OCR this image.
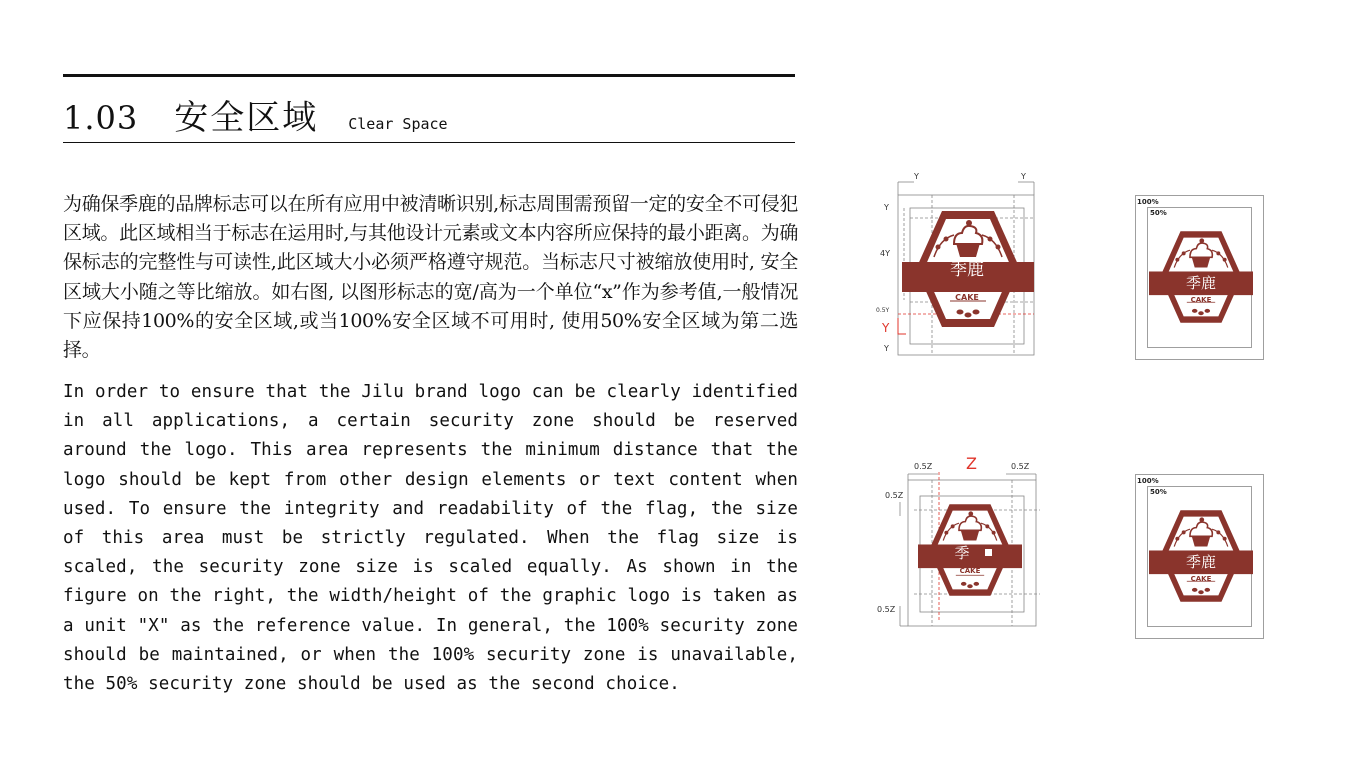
1.03 安全区域 Clear Space

为确保季鹿的品牌标志可以在所有应用中被清晰识别,标志周围需预留一定的安全不可侵犯区域。此区域相当于标志在运用时,与其他设计元素或文本内容所应保持的最小距离。为确保标志的完整性与可读性,此区域大小必须严格遵守规范。当标志尺寸被缩放使用时, 安全区域大小随之等比缩放。如右图, 以图形标志的宽/高为一个单位“x”作为参考值,一般情况下应保持100%的安全区域,或当100%安全区域不可用时, 使用50%安全区域为第二选择。

In order to ensure that the Jilu brand logo can be clearly identified in all applications, a certain security zone should be reserved around the logo. This area represents the minimum distance that the logo should be kept from other design elements or text content when used. To ensure the integrity and readability of the flag, the size of this area must be strictly regulated. When the flag size is scaled, the security zone size is scaled equally. As shown in the figure on the right, the width/height of the graphic logo is taken as a unit "X" as the reference value. In general, the 100% security zone should be maintained, or when the 100% security zone is unavailable, the 50% security zone should be used as the second choice.

季鹿
CAKE
Y	Y
Y
4Y
0.5Y
Y
Y
100%
50%
季鹿
CAKE
季
CAKE
Z
0.5Z	0.5Z
0.5Z
0.5Z
100%
50%
季鹿
CAKE
